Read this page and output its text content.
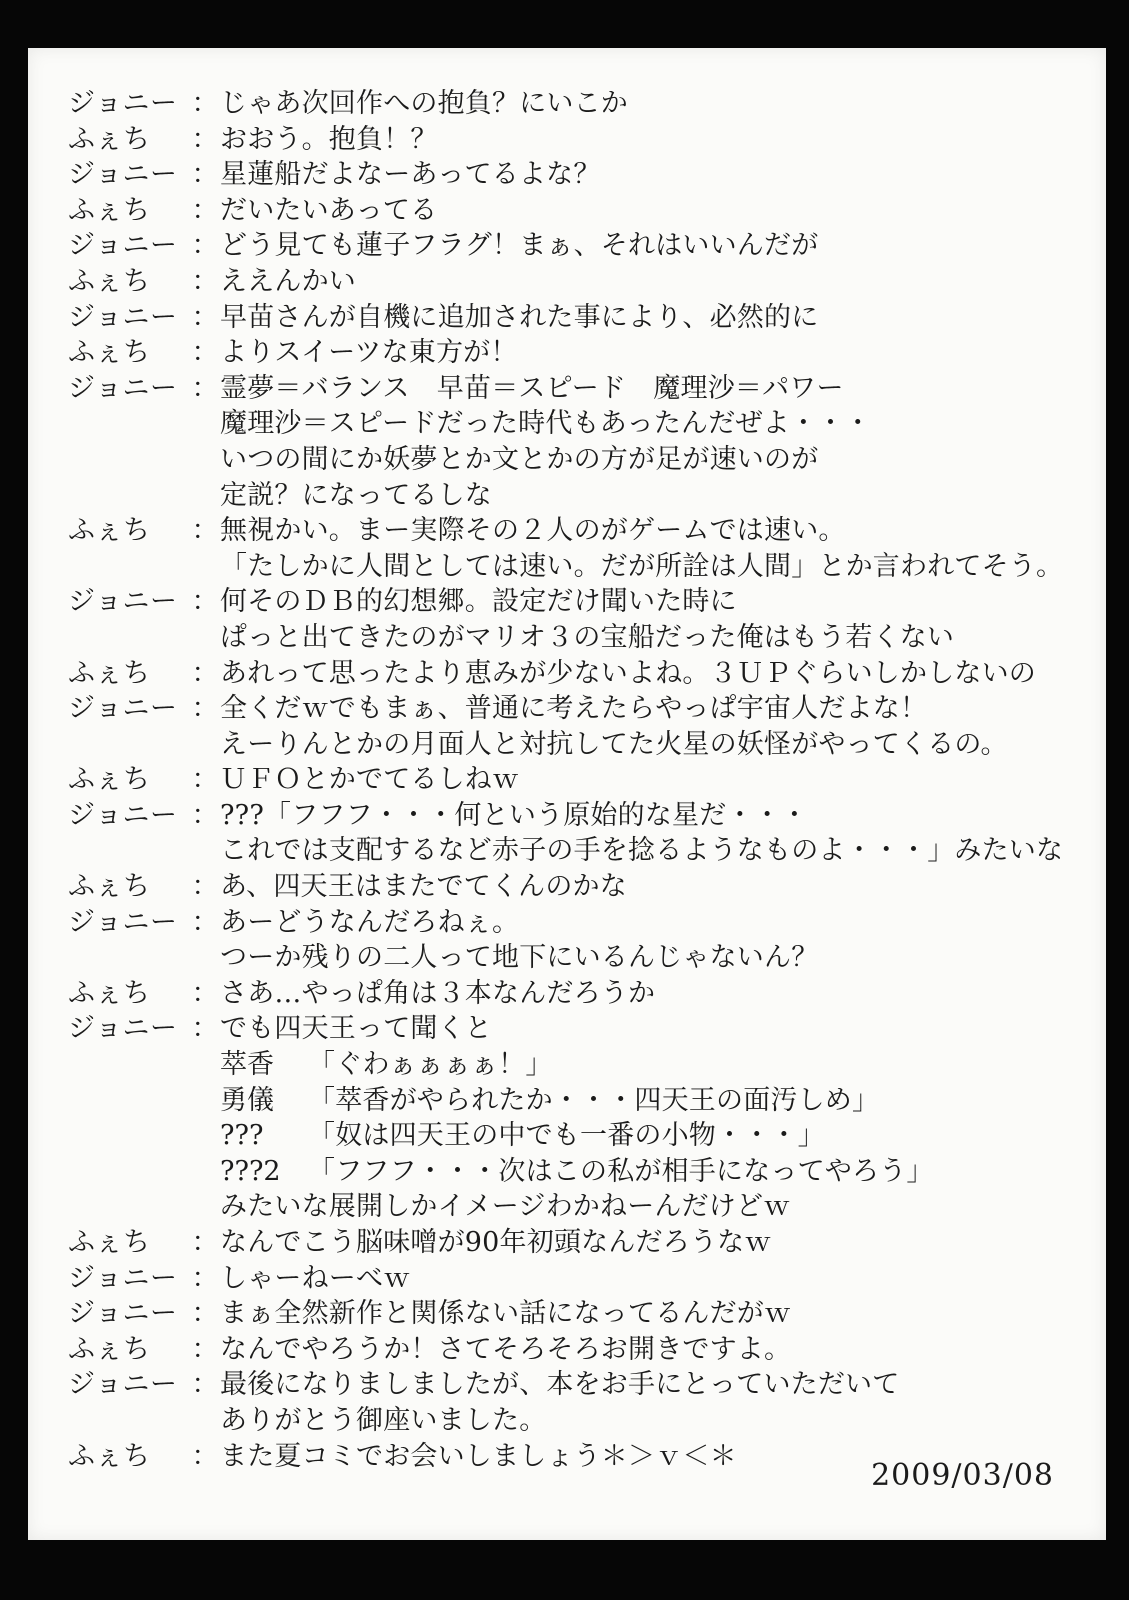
ジョニー ： じゃあ次回作への抱負？にいこか
ふぇち	： おおう。抱負！？
ジョニー ： 星蓮船だよなーあってるよな？
ふぇち	： だいたいあってる
ジョニー ： どう見ても蓮子フラグ！まぁ、それはいいんだが
ふぇち	： ええんかい
ジョニー ： 早苗さんが自機に追加された事により、必然的に
ふぇち	： よりスイーツな東方が！
ジョニー ： 霊夢＝バランス　早苗＝スピード　魔理沙＝パワー
魔理沙＝スピードだった時代もあったんだぜよ・・・
いつの間にか妖夢とか文とかの方が足が速いのが
定説？になってるしな
ふぇち	： 無視かい。まー実際その２人のがゲームでは速い。
「たしかに人間としては速い。だが所詮は人間」とか言われてそう。
ジョニー ： 何そのＤＢ的幻想郷。設定だけ聞いた時に
ぱっと出てきたのがマリオ３の宝船だった俺はもう若くない
ふぇち	： あれって思ったより恵みが少ないよね。３ＵＰぐらいしかしないの
ジョニー ： 全くだｗでもまぁ、普通に考えたらやっぱ宇宙人だよな！
えーりんとかの月面人と対抗してた火星の妖怪がやってくるの。
ふぇち	： ＵＦＯとかでてるしねｗ
ジョニー ： ???「フフフ・・・何という原始的な星だ・・・
これでは支配するなど赤子の手を捻るようなものよ・・・」みたいな
ふぇち	： あ、四天王はまたでてくんのかな
ジョニー ： あーどうなんだろねぇ。
つーか残りの二人って地下にいるんじゃないん？
ふぇち	： さあ…やっぱ角は３本なんだろうか
ジョニー ： でも四天王って聞くと
萃香	「ぐわぁぁぁぁ！」
勇儀	「萃香がやられたか・・・四天王の面汚しめ」
???	「奴は四天王の中でも一番の小物・・・」
???2	「フフフ・・・次はこの私が相手になってやろう」
みたいな展開しかイメージわかねーんだけどｗ
ふぇち	： なんでこう脳味噌が90年初頭なんだろうなｗ
ジョニー ： しゃーねーべｗ
ジョニー ： まぁ全然新作と関係ない話になってるんだがｗ
ふぇち	： なんでやろうか！さてそろそろお開きですよ。
ジョニー ： 最後になりましましたが、本をお手にとっていただいて
ありがとう御座いました。
ふぇち	： また夏コミでお会いしましょう＊＞ｖ＜＊
2009/03/08
